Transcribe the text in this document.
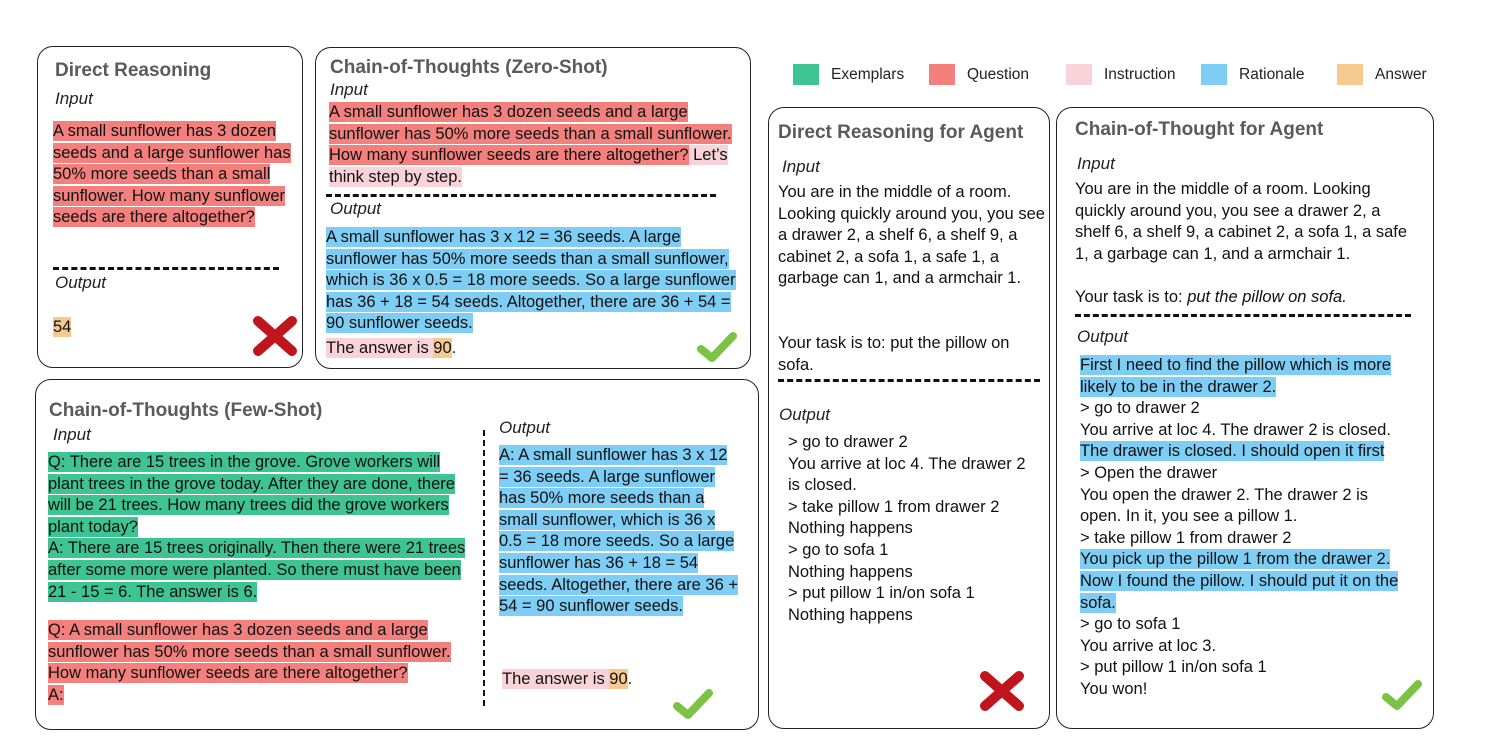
Exemplars	Question	Instruction	Rationale	Answer
Direct Reasoning
Input
A small sunflower has 3 dozen seeds and a large sunflower has 50% more seeds than a small sunflower. How many sunflower seeds are there altogether?
Output
54
Chain-of-Thoughts (Zero-Shot)
Input
A small sunflower has 3 dozen seeds and a large sunflower has 50% more seeds than a small sunflower. How many sunflower seeds are there altogether? Let’s think step by step.
Output
A small sunflower has 3 x 12 = 36 seeds. A large sunflower has 50% more seeds than a small sunflower, which is 36 x 0.5 = 18 more seeds. So a large sunflower has 36 + 18 = 54 seeds. Altogether, there are 36 + 54 = 90 sunflower seeds.
The answer is 90.
Chain-of-Thoughts (Few-Shot)
Input
Q: There are 15 trees in the grove. Grove workers will plant trees in the grove today. After they are done, there will be 21 trees. How many trees did the grove workers plant today?
A: There are 15 trees originally. Then there were 21 trees after some more were planted. So there must have been 21 - 15 = 6. The answer is 6.
Q: A small sunflower has 3 dozen seeds and a large sunflower has 50% more seeds than a small sunflower. How many sunflower seeds are there altogether?
A:
Output
A: A small sunflower has 3 x 12 = 36 seeds. A large sunflower has 50% more seeds than a small sunflower, which is 36 x 0.5 = 18 more seeds. So a large sunflower has 36 + 18 = 54 seeds. Altogether, there are 36 + 54 = 90 sunflower seeds.
The answer is 90.
Direct Reasoning for Agent
Input
You are in the middle of a room. Looking quickly around you, you see a drawer 2, a shelf 6, a shelf 9, a cabinet 2, a sofa 1, a safe 1, a garbage can 1, and a armchair 1.
Your task is to: put the pillow on sofa.
Output
> go to drawer 2
You arrive at loc 4. The drawer 2 is closed.
> take pillow 1 from drawer 2
Nothing happens
> go to sofa 1
Nothing happens
> put pillow 1 in/on sofa 1
Nothing happens
Chain-of-Thought for Agent
Input
You are in the middle of a room. Looking quickly around you, you see a drawer 2, a shelf 6, a shelf 9, a cabinet 2, a sofa 1, a safe 1, a garbage can 1, and a armchair 1.
Your task is to: put the pillow on sofa.
Output
First I need to find the pillow which is more likely to be in the drawer 2.
> go to drawer 2
You arrive at loc 4. The drawer 2 is closed.
The drawer is closed. I should open it first
> Open the drawer
You open the drawer 2. The drawer 2 is open. In it, you see a pillow 1.
> take pillow 1 from drawer 2
You pick up the pillow 1 from the drawer 2.
Now I found the pillow. I should put it on the sofa.
> go to sofa 1
You arrive at loc 3.
> put pillow 1 in/on sofa 1
You won!
